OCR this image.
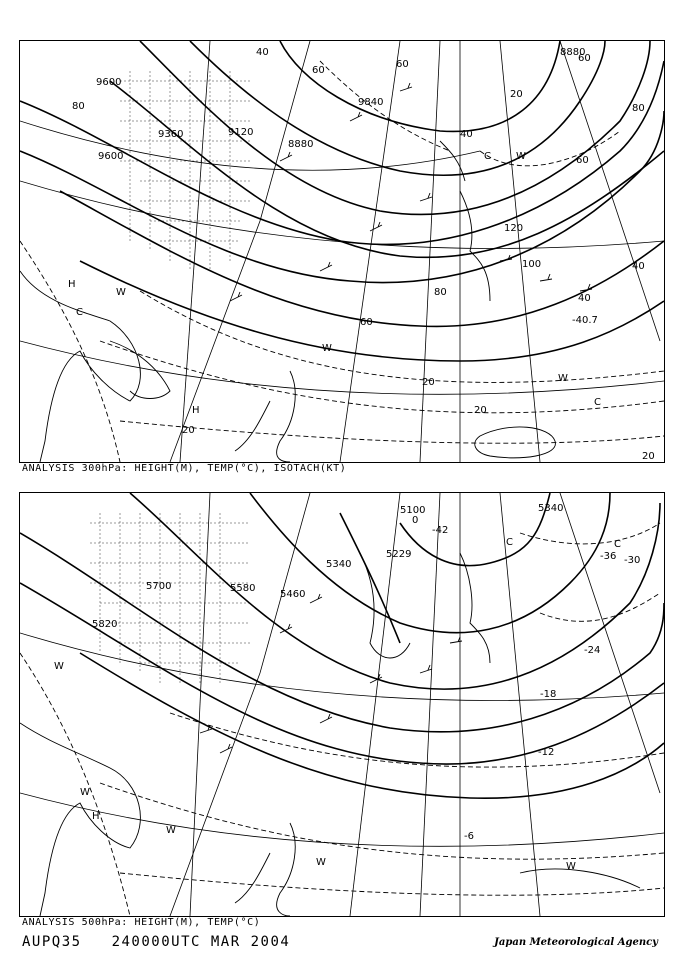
8880
9840
9600
9360	9120
8880
9600
80
60
40
60
20
C	W	60
120
100
80
60
40
40
-40.7
W
C
20
80
60
40
20
W
H
H
W
C
20
20
ANALYSIS 300hPa: HEIGHT(M), TEMP(°C), ISOTACH(KT)
5100
5340
5229
5340
5700	5580
5460
5820
-42
-36 -30
-24
-18
-12
-6
0
W
W
W
W
H
C	C
W
ANALYSIS 500hPa: HEIGHT(M), TEMP(°C)
AUPQ35 240000UTC MAR 2004	Japan Meteorological Agency
